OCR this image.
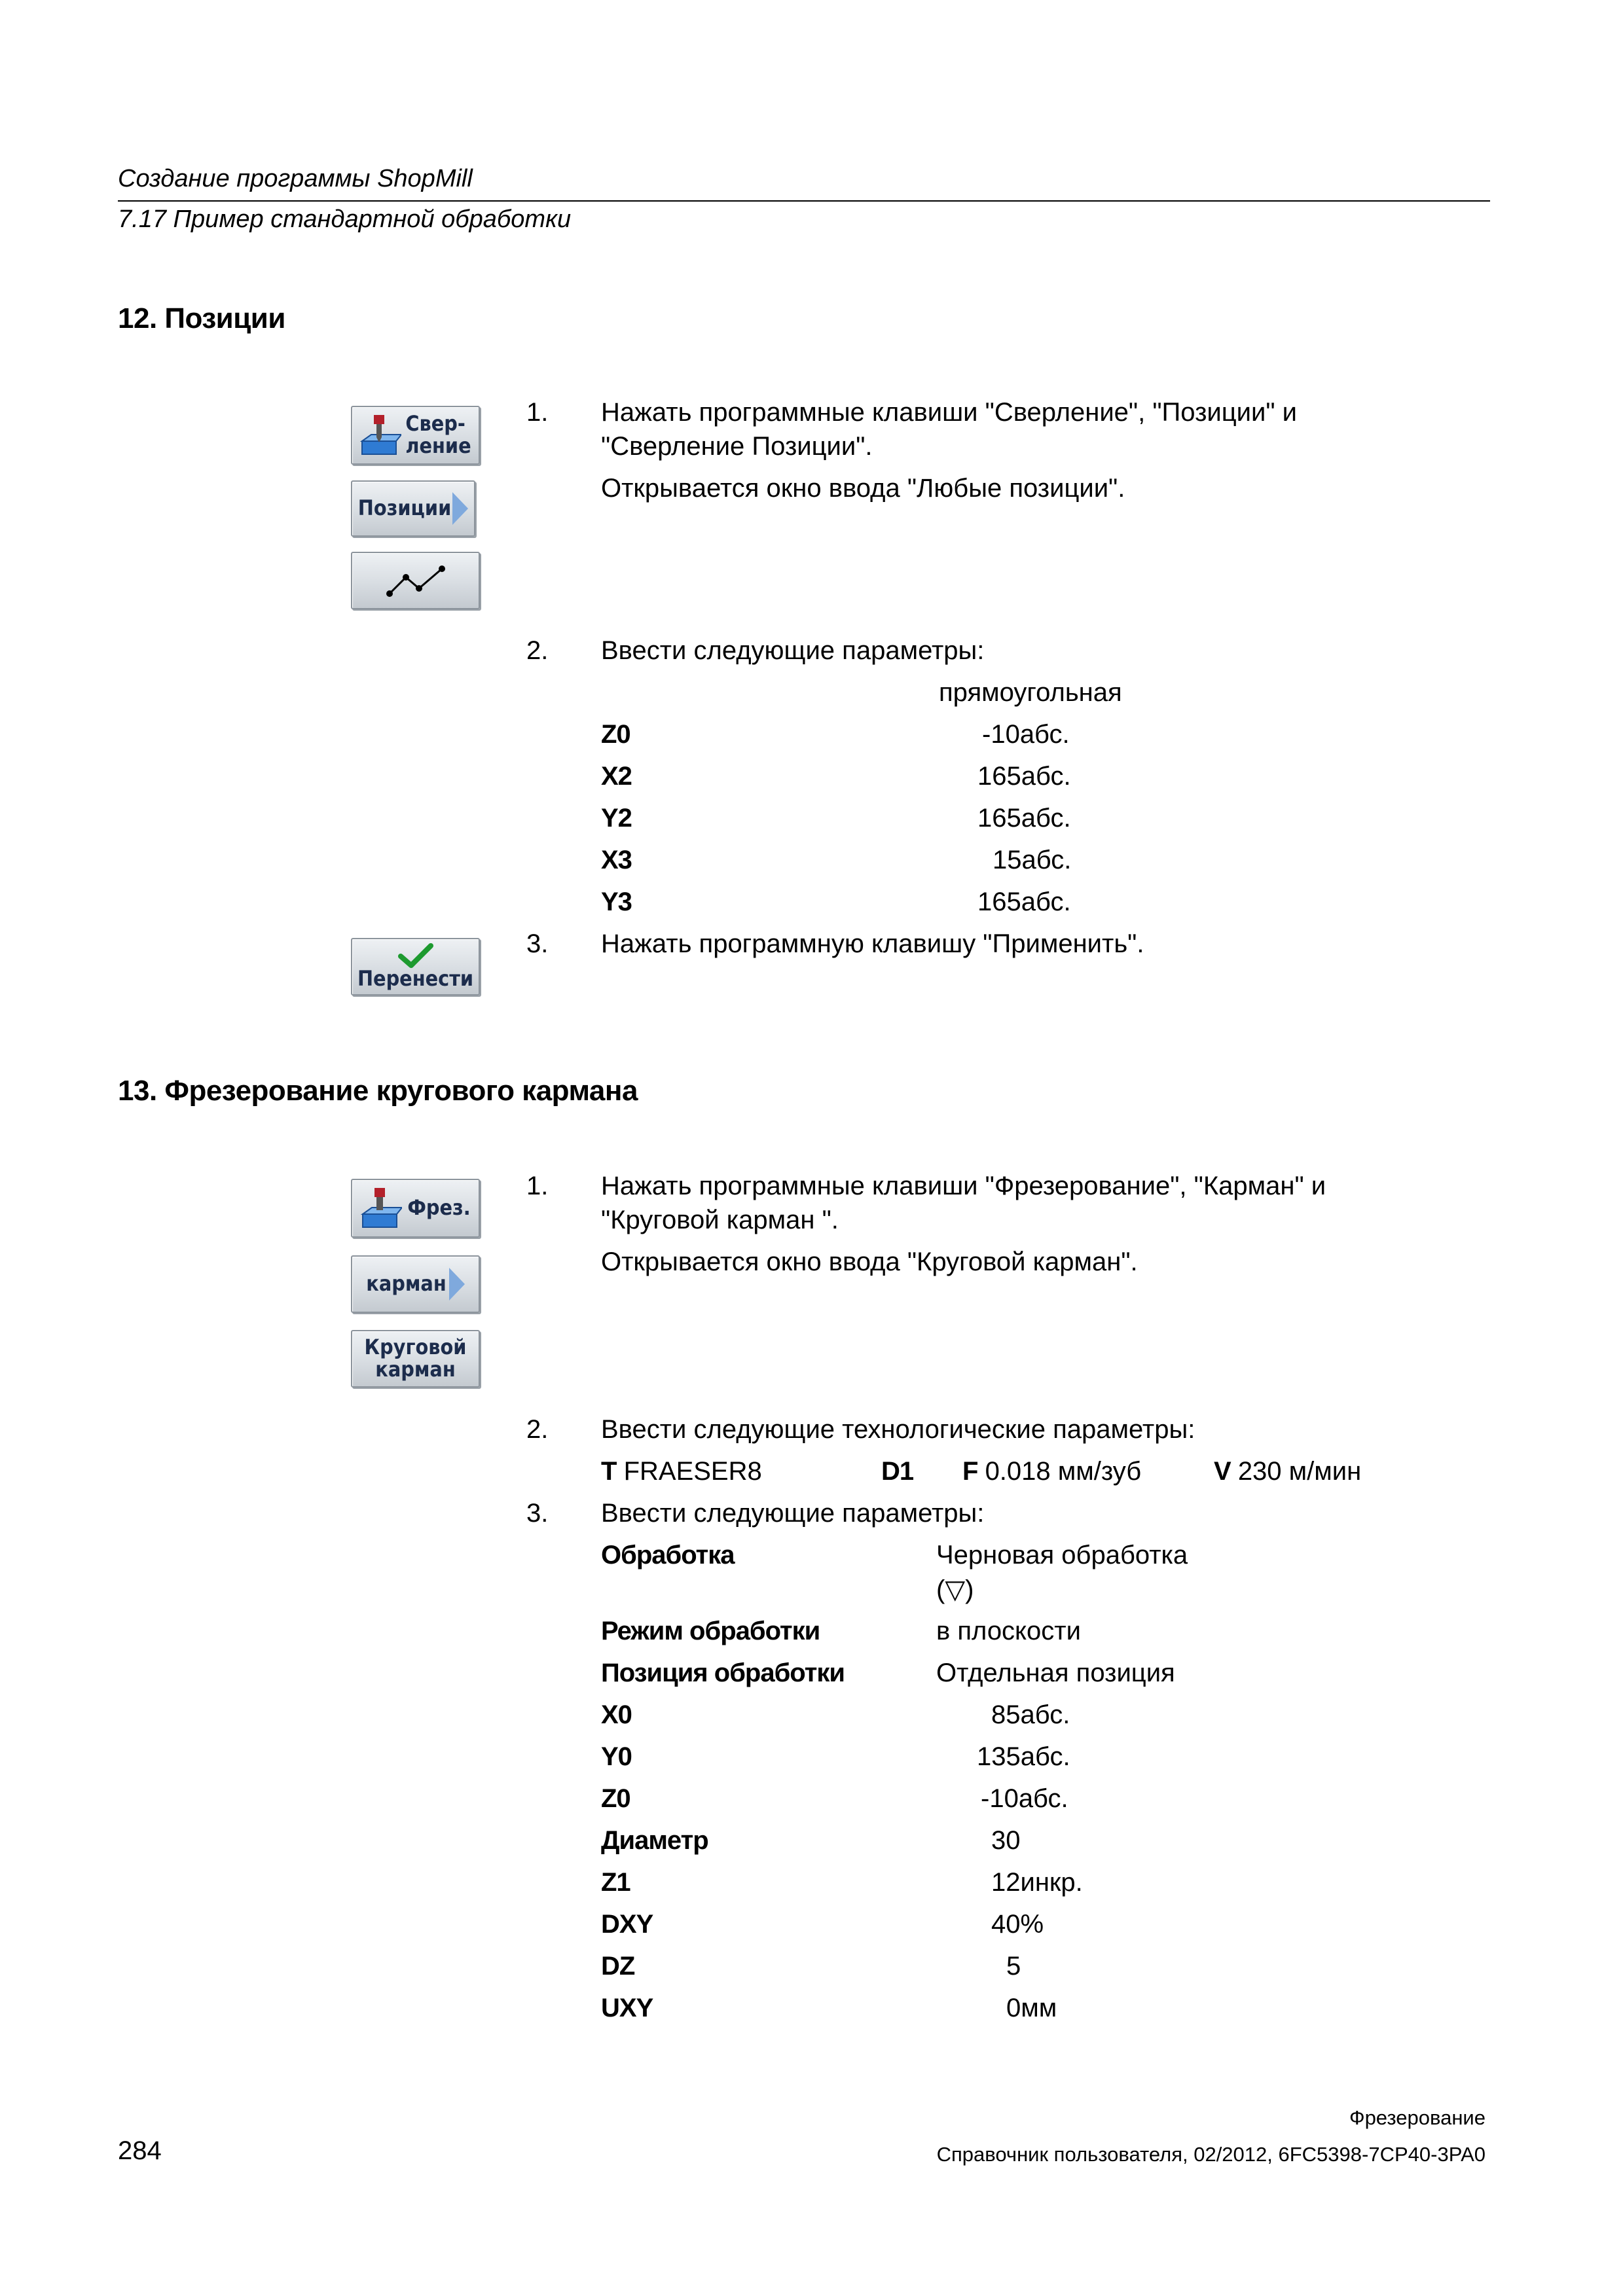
Создание программы ShopMill
7.17 Пример стандартной обработки
12. Позиции
Свер-
ление
Позиции
1. Нажать программные клавиши "Сверление", "Позиции" и
"Сверление Позиции".
Открывается окно ввода "Любые позиции".
2. Ввести следующие параметры:
прямоугольная
Z0	-10абс.
X2	165абс.
Y2	165абс.
X3	15абс.
Y3	165абс.
Перенести
3. Нажать программную клавишу "Применить".
13. Фрезерование кругового кармана
Фрез.
карман
Круговой
карман
1. Нажать программные клавиши "Фрезерование", "Карман" и
"Круговой карман ".
Открывается окно ввода "Круговой карман".
2. Ввести следующие технологические параметры:
T FRAESER8	D1 F 0.018 мм/зуб	V 230 м/мин
3. Ввести следующие параметры:
Обработка	Черновая обработка
(▽)
Режим обработки	в плоскости
Позиция обработки	Отдельная позиция
X0	85абс.
Y0	135абс.
Z0	-10абс.
Диаметр	30
Z1	12инкр.
DXY	40%
DZ	5
UXY	0мм
Фрезерование
284	Справочник пользователя, 02/2012, 6FC5398-7CP40-3PA0
